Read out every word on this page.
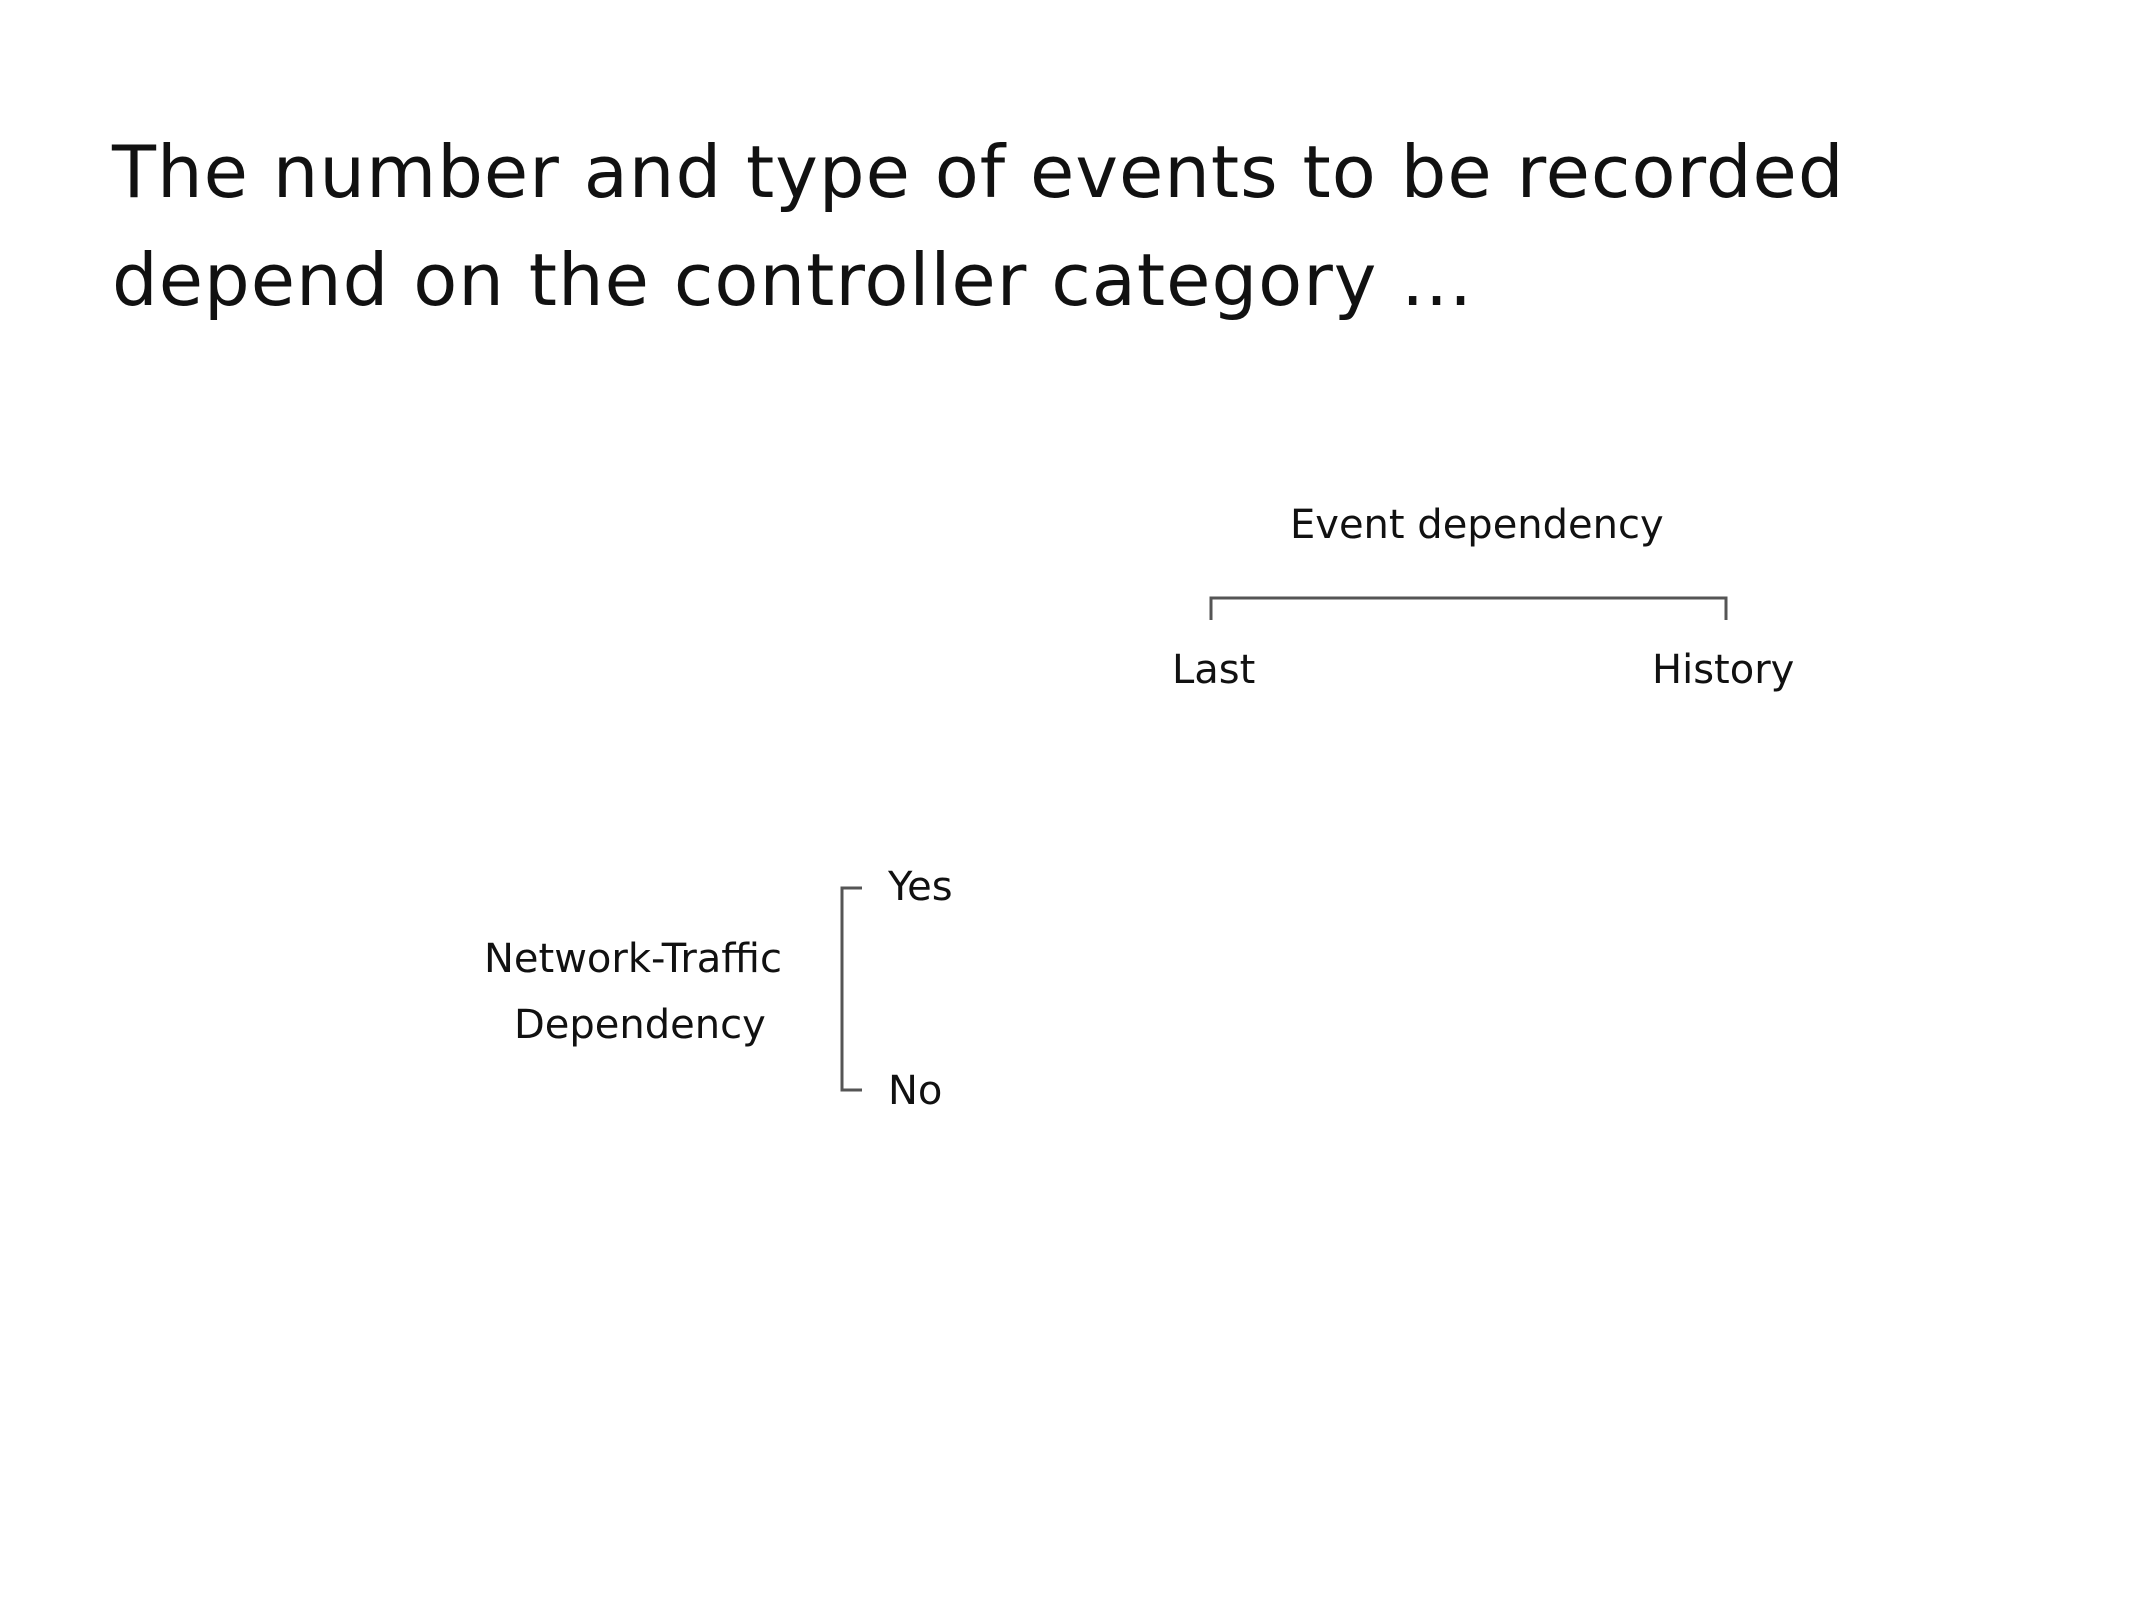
The number and type of events to be recorded
depend on the controller category ...
Event dependency
Last	History
Network-Traffic
Dependency
Yes
No
